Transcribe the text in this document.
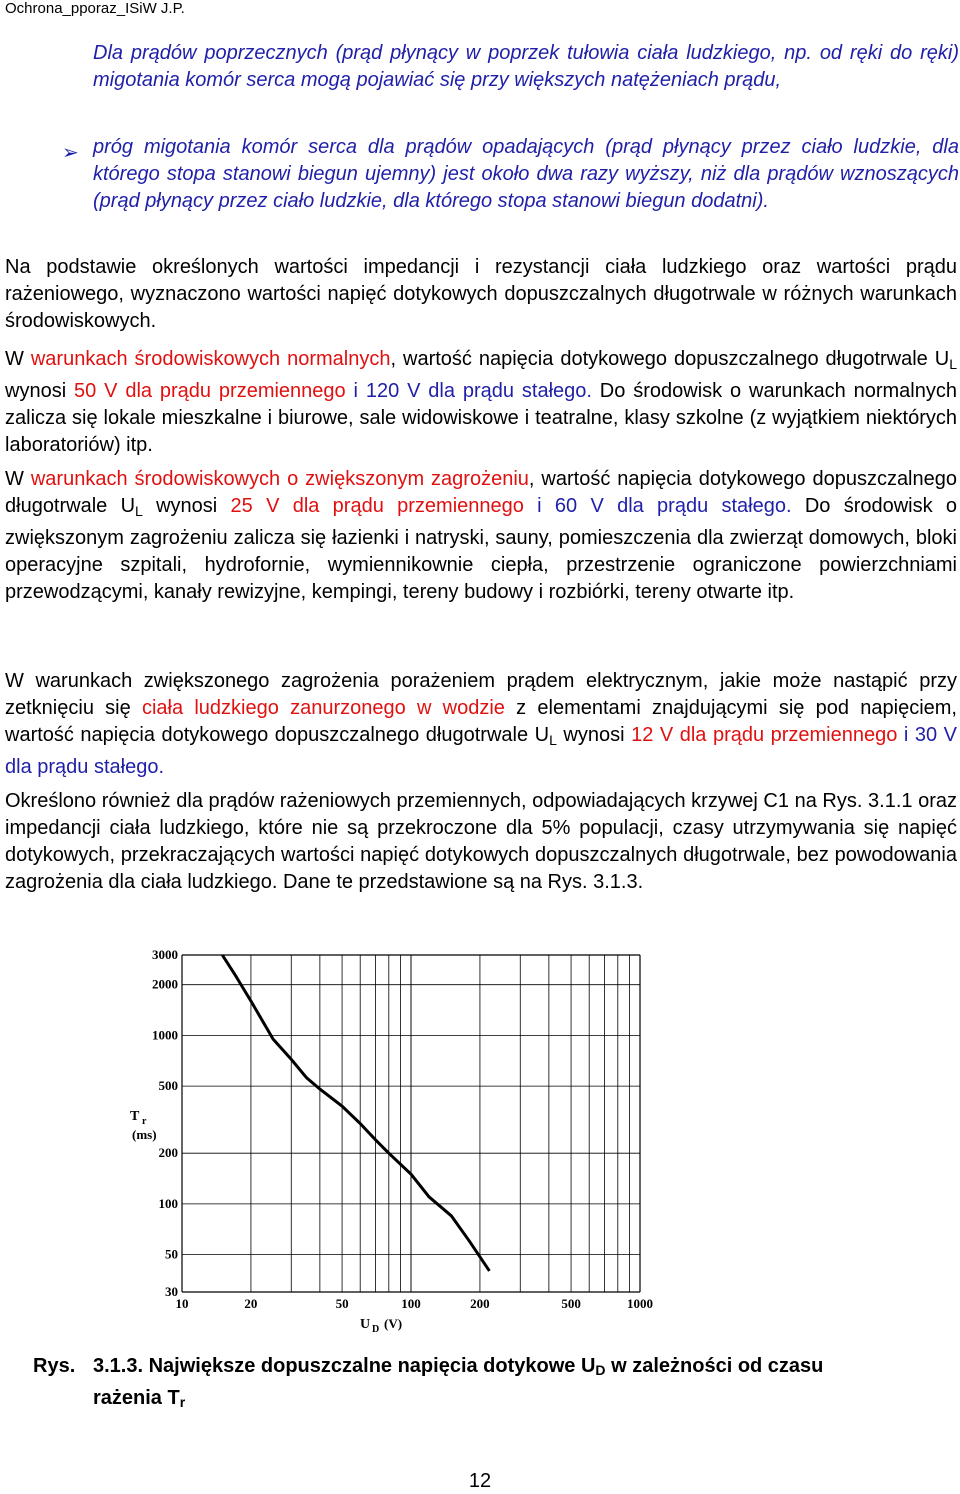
Ochrona_pporaz_ISiW J.P.
Dla prądów poprzecznych (prąd płynący w poprzek tułowia ciała ludzkiego, np. od ręki do ręki) migotania komór serca mogą pojawiać się przy większych natężeniach prądu,
➢ próg migotania komór serca dla prądów opadających (prąd płynący przez ciało ludzkie, dla którego stopa stanowi biegun ujemny) jest około dwa razy wyższy, niż dla prądów wznoszących (prąd płynący przez ciało ludzkie, dla którego stopa stanowi biegun dodatni).
Na podstawie określonych wartości impedancji i rezystancji ciała ludzkiego oraz wartości prądu rażeniowego, wyznaczono wartości napięć dotykowych dopuszczalnych długotrwale w różnych warunkach środowiskowych.
W warunkach środowiskowych normalnych, wartość napięcia dotykowego dopuszczalnego długotrwale $U_L$ wynosi 50 V dla prądu przemiennego i 120 V dla prądu stałego. Do środowisk o warunkach normalnych zalicza się lokale mieszkalne i biurowe, sale widowiskowe i teatralne, klasy szkolne (z wyjątkiem niektórych laboratoriów) itp.
W warunkach środowiskowych o zwiększonym zagrożeniu, wartość napięcia dotykowego dopuszczalnego długotrwale $U_L$ wynosi 25 V dla prądu przemiennego i 60 V dla prądu stałego. Do środowisk o zwiększonym zagrożeniu zalicza się łazienki i natryski, sauny, pomieszczenia dla zwierząt domowych, bloki operacyjne szpitali, hydrofornie, wymiennikownie ciepła, przestrzenie ograniczone powierzchniami przewodzącymi, kanały rewizyjne, kempingi, tereny budowy i rozbiórki, tereny otwarte itp.
W warunkach zwiększonego zagrożenia porażeniem prądem elektrycznym, jakie może nastąpić przy zetknięciu się ciała ludzkiego zanurzonego w wodzie z elementami znajdującymi się pod napięciem, wartość napięcia dotykowego dopuszczalnego długotrwale $U_L$ wynosi 12 V dla prądu przemiennego i 30 V dla prądu stałego.
Określono również dla prądów rażeniowych przemiennych, odpowiadających krzywej C1 na Rys. 3.1.1 oraz impedancji ciała ludzkiego, które nie są przekroczone dla 5% populacji, czasy utrzymywania się napięć dotykowych, przekraczających wartości napięć dotykowych dopuszczalnych długotrwale, bez powodowania zagrożenia dla ciała ludzkiego. Dane te przedstawione są na Rys. 3.1.3.
10	20	50	100	200	500	1000
30
50
100
200
500
1000
2000
3000
T r
(ms)
U D (V)
Rys. 3.1.3. Największe dopuszczalne napięcia dotykowe $U_D$ w zależności od czasu
rażenia $T_r$
12
